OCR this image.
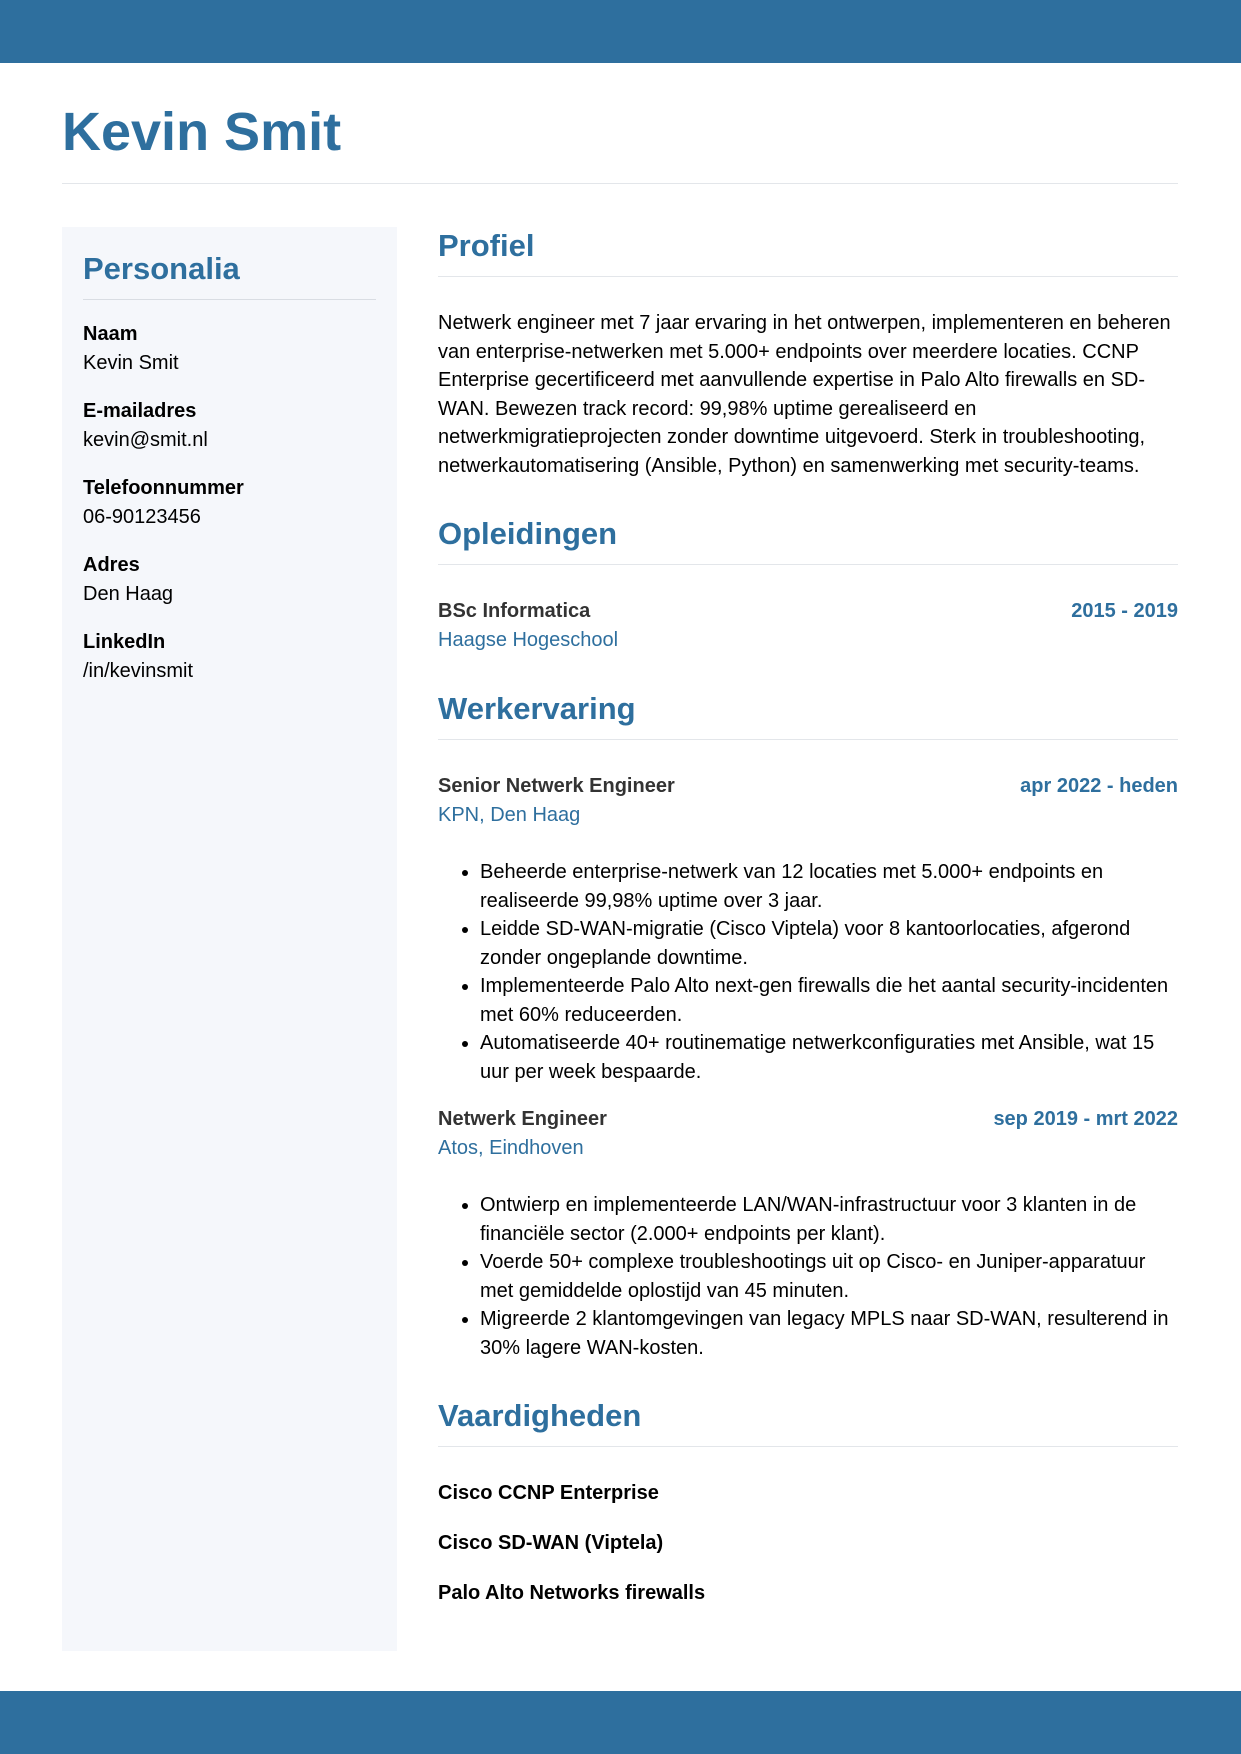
Kevin Smit
Personalia
Naam
Kevin Smit
E-mailadres
kevin@smit.nl
Telefoonnummer
06-90123456
Adres
Den Haag
LinkedIn
/in/kevinsmit
Profiel

Netwerk engineer met 7 jaar ervaring in het ontwerpen, implementeren en beheren van enterprise-netwerken met 5.000+ endpoints over meerdere locaties. CCNP Enterprise gecertificeerd met aanvullende expertise in Palo Alto firewalls en SD-WAN. Bewezen track record: 99,98% uptime gerealiseerd en netwerkmigratieprojecten zonder downtime uitgevoerd. Sterk in troubleshooting, netwerkautomatisering (Ansible, Python) en samenwerking met security-teams.

Opleidingen
BSc Informatica	2015 - 2019
Haagse Hogeschool
Werkervaring
Senior Netwerk Engineer	apr 2022 - heden
KPN, Den Haag
• Beheerde enterprise-netwerk van 12 locaties met 5.000+ endpoints en realiseerde 99,98% uptime over 3 jaar.
• Leidde SD-WAN-migratie (Cisco Viptela) voor 8 kantoorlocaties, afgerond zonder ongeplande downtime.
• Implementeerde Palo Alto next-gen firewalls die het aantal security-incidenten met 60% reduceerden.
• Automatiseerde 40+ routinematige netwerkconfiguraties met Ansible, wat 15 uur per week bespaarde.
Netwerk Engineer	sep 2019 - mrt 2022
Atos, Eindhoven
• Ontwierp en implementeerde LAN/WAN-infrastructuur voor 3 klanten in de financiële sector (2.000+ endpoints per klant).
• Voerde 50+ complexe troubleshootings uit op Cisco- en Juniper-apparatuur met gemiddelde oplostijd van 45 minuten.
• Migreerde 2 klantomgevingen van legacy MPLS naar SD-WAN, resulterend in 30% lagere WAN-kosten.
Vaardigheden
Cisco CCNP Enterprise
Cisco SD-WAN (Viptela)
Palo Alto Networks firewalls
